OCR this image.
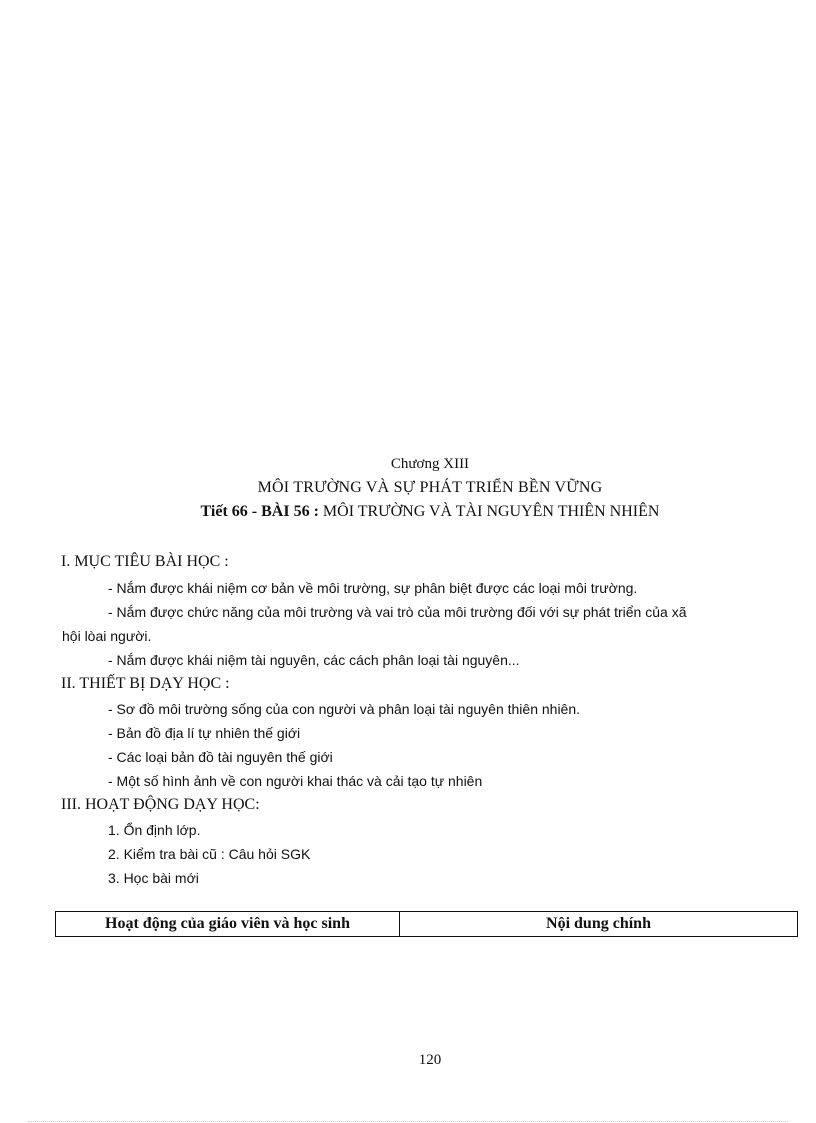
Chương XIII
MÔI TRƯỜNG VÀ SỰ PHÁT TRIỂN BỀN VỮNG
Tiết 66 - BÀI 56 : MÔI TRƯỜNG VÀ TÀI NGUYÊN THIÊN NHIÊN
I. MỤC TIÊU BÀI HỌC :
- Nắm được khái niệm cơ bản về môi trường, sự phân biệt được các loại môi trường.
- Nắm được chức năng của môi trường và vai trò của môi trường đối với sự phát triển của xã
hội lòai người.
- Nắm được khái niệm tài nguyên, các cách phân loại tài nguyên...
II. THIẾT BỊ DẠY HỌC :
- Sơ đồ môi trường sống của con người và phân loại tài nguyên thiên nhiên.
- Bản đồ địa lí tự nhiên thế giới
- Các loại bản đồ tài nguyên thế giới
- Một số hình ảnh về con người khai thác và cải tạo tự nhiên
III. HOẠT ĐỘNG DẠY HỌC:
1. Ổn định lớp.
2. Kiểm tra bài cũ : Câu hỏi SGK
3. Học bài mới
Hoạt động của giáo viên và học sinh	Nội dung chính
120
